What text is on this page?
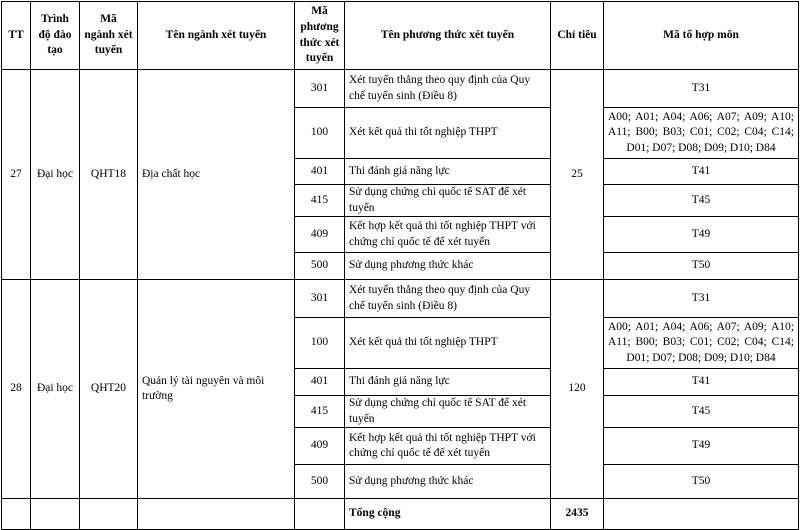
TT	Trình độ đào tạo	Mã ngành xét tuyển	Tên ngành xét tuyển	Mã phương thức xét tuyển	Tên phương thức xét tuyển	Chỉ tiêu	Mã tổ hợp môn
27	Đại học	QHT18	Địa chất học	301	Xét tuyển thẳng theo quy định của Quy chế tuyển sinh (Điều 8)	25	T31
				100	Xét kết quả thi tốt nghiệp THPT		A00; A01; A04; A06; A07; A09; A10; A11; B00; B03; C01; C02; C04; C14; D01; D07; D08; D09; D10; D84
				401	Thi đánh giá năng lực		T41
				415	Sử dụng chứng chỉ quốc tế SAT để xét tuyển		T45
				409	Kết hợp kết quả thi tốt nghiệp THPT với chứng chỉ quốc tế để xét tuyển		T49
				500	Sử dụng phương thức khác		T50
28	Đại học	QHT20	Quản lý tài nguyên và môi trường	301	Xét tuyển thẳng theo quy định của Quy chế tuyển sinh (Điều 8)	120	T31
				100	Xét kết quả thi tốt nghiệp THPT		A00; A01; A04; A06; A07; A09; A10; A11; B00; B03; C01; C02; C04; C14; D01; D07; D08; D09; D10; D84
				401	Thi đánh giá năng lực		T41
				415	Sử dụng chứng chỉ quốc tế SAT để xét tuyển		T45
				409	Kết hợp kết quả thi tốt nghiệp THPT với chứng chỉ quốc tế để xét tuyển		T49
				500	Sử dụng phương thức khác		T50
					Tổng cộng	2435	
